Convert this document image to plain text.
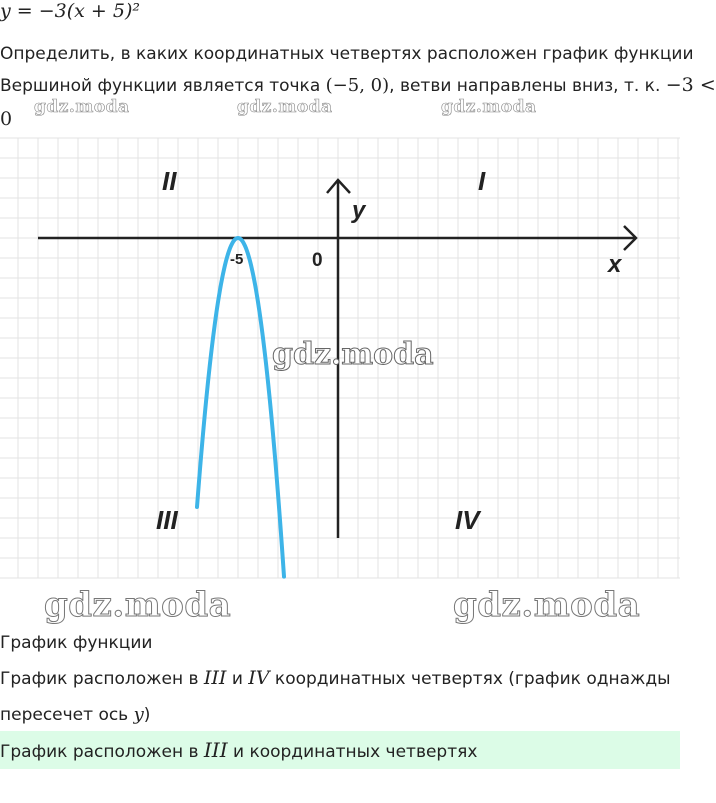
y = −3(x + 5)²
Определить, в каких координатных четвертях расположен график функции
Вершиной функции является точка (−5, 0), ветви направлены вниз, т. к. −3 <
0
gdz.moda	gdz.moda	gdz.moda
y
x
0
-5
II	I
III	IV
gdz.moda
gdz.moda	gdz.moda
График функции
График расположен в III и IV координатных четвертях (график однажды
пересечет ось y)
График расположен в III и координатных четвертях
